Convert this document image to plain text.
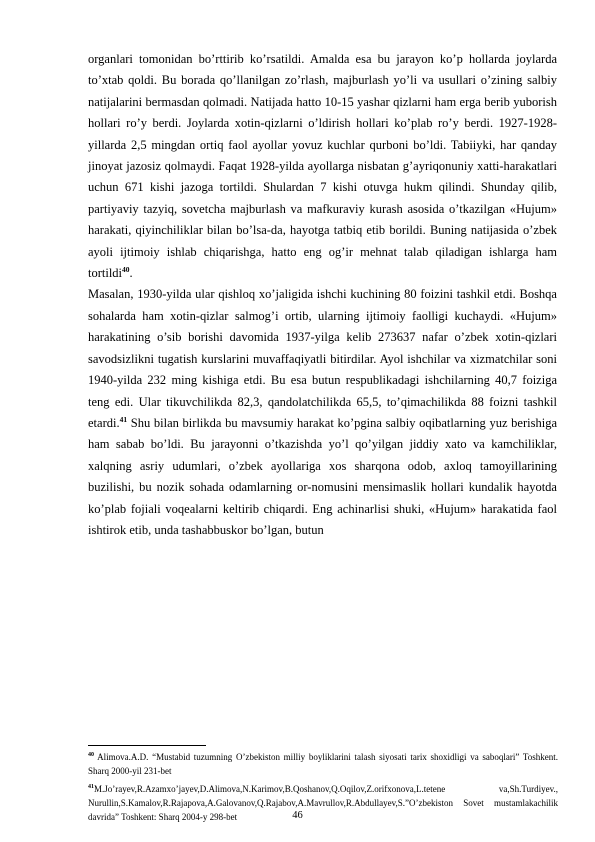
organlari tomonidan bo’rttirib ko’rsatildi. Amalda esa bu jarayon ko’p hollarda joylarda to’xtab qoldi. Bu borada qo’llanilgan zo’rlash, majburlash yo’li va usullari o’zining salbiy natijalarini bermasdan qolmadi. Natijada hatto 10-15 yashar qizlarni ham erga berib yuborish hollari ro’y berdi. Joylarda xotin-qizlarni o’ldirish hollari ko’plab ro’y berdi. 1927-1928-yillarda 2,5 mingdan ortiq faol ayollar yovuz kuchlar qurboni bo’ldi. Tabiiyki, har qanday jinoyat jazosiz qolmaydi. Faqat 1928-yilda ayollarga nisbatan g’ayriqonuniy xatti-harakatlari uchun 671 kishi jazoga tortildi. Shulardan 7 kishi otuvga hukm qilindi. Shunday qilib, partiyaviy tazyiq, sovetcha majburlash va mafkuraviy kurash asosida o’tkazilgan «Hujum» harakati, qiyinchiliklar bilan bo’lsa-da, hayotga tatbiq etib borildi. Buning natijasida o’zbek ayoli ijtimoiy ishlab chiqarishga, hatto eng og’ir mehnat talab qiladigan ishlarga ham tortildi$^{40}$.

Masalan, 1930-yilda ular qishloq xo’jaligida ishchi kuchining 80 foizini tashkil etdi. Boshqa sohalarda ham xotin-qizlar salmog’i ortib, ularning ijtimoiy faolligi kuchaydi. «Hujum» harakatining o’sib borishi davomida 1937-yilga kelib 273637 nafar o’zbek xotin-qizlari savodsizlikni tugatish kurslarini muvaffaqiyatli bitirdilar. Ayol ishchilar va xizmatchilar soni 1940-yilda 232 ming kishiga etdi. Bu esa butun respublikadagi ishchilarning 40,7 foiziga teng edi. Ular tikuvchilikda 82,3, qandolatchilikda 65,5, to’qimachilikda 88 foizni tashkil etardi.$^{41}$ Shu bilan birlikda bu mavsumiy harakat ko’pgina salbiy oqibatlarning yuz berishiga ham sabab bo’ldi. Bu jarayonni o’tkazishda yo’l qo’yilgan jiddiy xato va kamchiliklar, xalqning asriy udumlari, o’zbek ayollariga xos sharqona odob, axloq tamoyillarining buzilishi, bu nozik sohada odamlarning or-nomusini mensimaslik hollari kundalik hayotda ko’plab fojiali voqealarni keltirib chiqardi. Eng achinarlisi shuki, «Hujum» harakatida faol ishtirok etib, unda tashabbuskor bo’lgan, butun

$^{40}$ Alimova.A.D. “Mustabid tuzumning O’zbekiston milliy boyliklarini talash siyosati tarix shoxidligi va saboqlari” Toshkent. Sharq 2000-yil 231-bet

$^{41}$M.Jo’rayev,R.Azamxo’jayev,D.Alimova,N.Karimov,B.Qoshanov,Q.Oqilov,Z.orifxonova,L.tetene va,Sh.Turdiyev., Nurullin,S.Kamalov,R.Rajapova,A.Galovanov,Q.Rajabov,A.Mavrullov,R.Abdullayev,S.”O’zbekiston Sovet mustamlakachilik davrida” Toshkent: Sharq 2004-y 298-bet	46
